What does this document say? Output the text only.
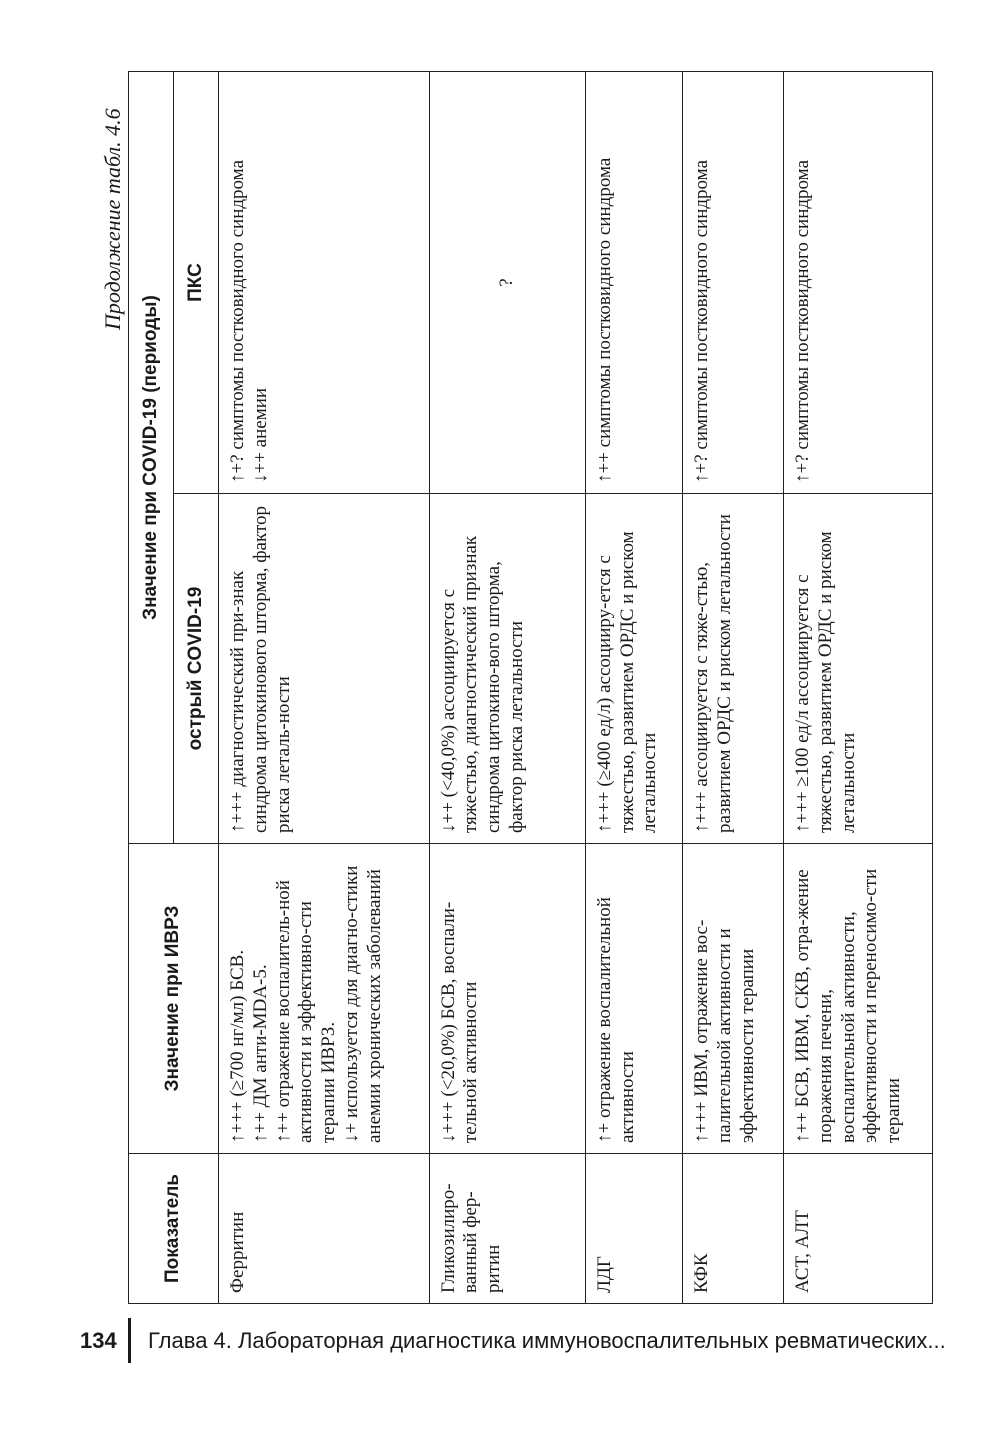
Продолжение табл. 4.6
Показатель	Значение при ИВРЗ	Значение при COVID-19 (периоды)	
		острый COVID-19	ПКС
Ферритин	↑+++ (≥700 нг/мл) БСВ. ↑++ ДМ анти-MDA-5. ↑++ отражение воспалитель-ной активности и эффективно-сти терапии ИВРЗ. ↓+ используется для диагно-стики анемии хронических заболеваний	↑+++ диагностический при-знак синдрома цитокинового шторма, фактор риска леталь-ности	↑+? симптомы постковидного синдрома ↓++ анемии

Гликозилиро-ванный фер-ритин	↓+++ (<20,0%) БСВ, воспали-тельной активности	↓++ (<40,0%) ассоциируется с тяжестью, диагностический признак синдрома цитокино-вого шторма, фактор риска летальности	?

ЛДГ	↑+ отражение воспалительной активности	↑+++ (≥400 ед/л) ассоцииру-ется с тяжестью, развитием ОРДС и риском летальности	↑++ симптомы постковидного синдрома

КФК	↑+++ ИВМ, отражение вос-палительной активности и эффективности терапии	↑+++ ассоциируется с тяже-стью, развитием ОРДС и риском летальности	↑+? симптомы постковидного синдрома

АСТ, АЛТ	↑++ БСВ, ИВМ, СКВ, отра-жение поражения печени, воспалительной активности, эффективности и переносимо-сти терапии	↑+++ ≥100 ед/л ассоциируется с тяжестью, развитием ОРДС и риском летальности	↑+? симптомы постковидного синдрома
134 Глава 4. Лабораторная диагностика иммуновоспалительных ревматических...
